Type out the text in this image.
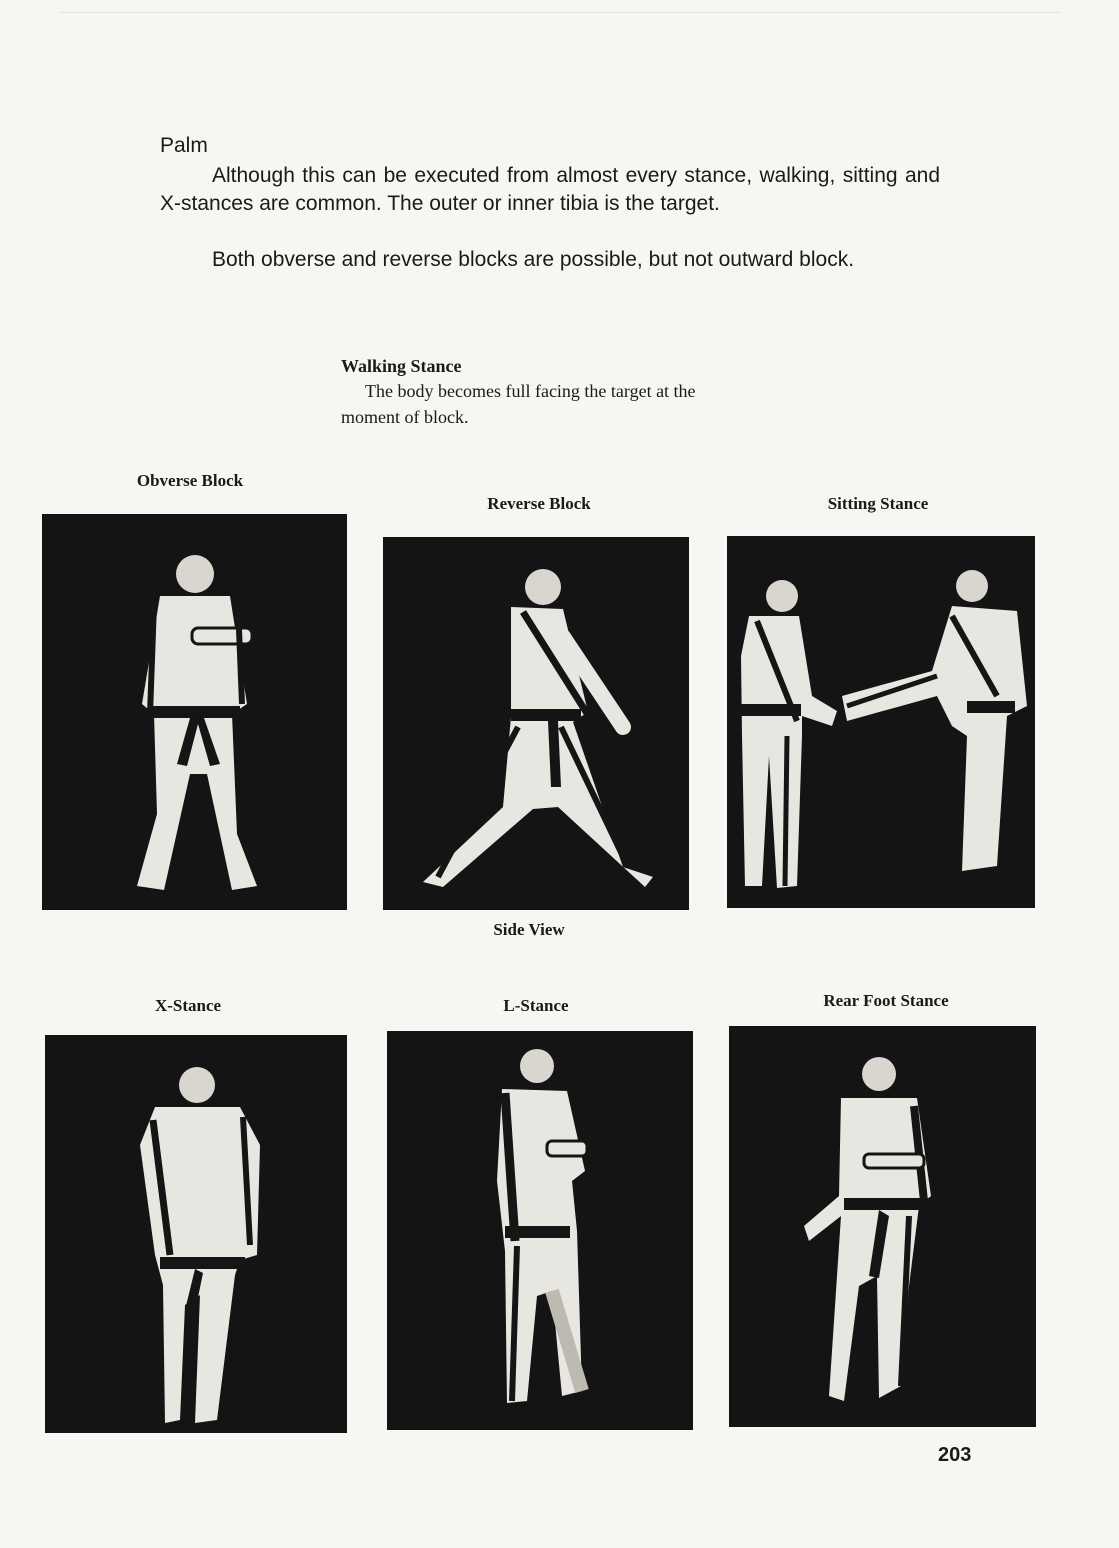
Palm

Although this can be executed from almost every stance, walking, sitting and X-stances are common. The outer or inner tibia is the target.

Both obverse and reverse blocks are possible, but not outward block.

Walking Stance

The body becomes full facing the target at the moment of block.

Obverse Block
Reverse Block
Side View
Sitting Stance
X-Stance	L-Stance	Rear Foot Stance
203
